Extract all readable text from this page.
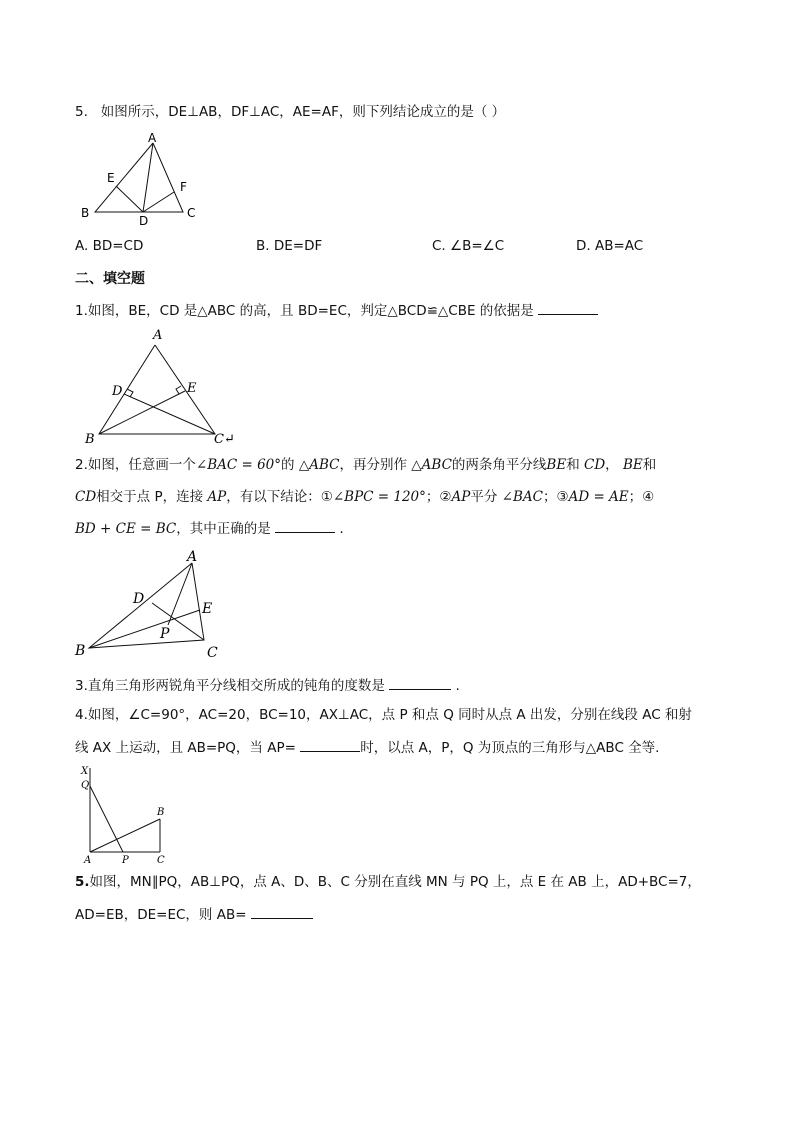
5. 如图所示，DE⊥AB，DF⊥AC，AE=AF，则下列结论成立的是（ ）
A
E
F
B
D
C
A. BD=CD	B. DE=DF	C. ∠B=∠C	D. AB=AC
二、填空题
1.如图，BE，CD 是△ABC 的高，且 BD=EC，判定△BCD≌△CBE 的依据是
A
D	E
B	C↵
2.如图，任意画一个∠BAC = 60°的 △ABC，再分别作 △ABC的两条角平分线BE和 CD， BE和
CD相交于点 P，连接 AP，有以下结论：①∠BPC = 120°；②AP平分 ∠BAC；③AD = AE；④
BD + CE = BC，其中正确的是	.
A
D
E
P
B	C
3.直角三角形两锐角平分线相交所成的钝角的度数是	.
4.如图，∠C=90°，AC=20，BC=10，AX⊥AC，点 P 和点 Q 同时从点 A 出发，分别在线段 AC 和射
线 AX 上运动，且 AB=PQ，当 AP=	时，以点 A，P，Q 为顶点的三角形与△ABC 全等.
X
Q
B
A	P	C
5.如图，MN∥PQ，AB⊥PQ，点 A、D、B、C 分别在直线 MN 与 PQ 上，点 E 在 AB 上，AD+BC=7，
AD=EB，DE=EC，则 AB=
